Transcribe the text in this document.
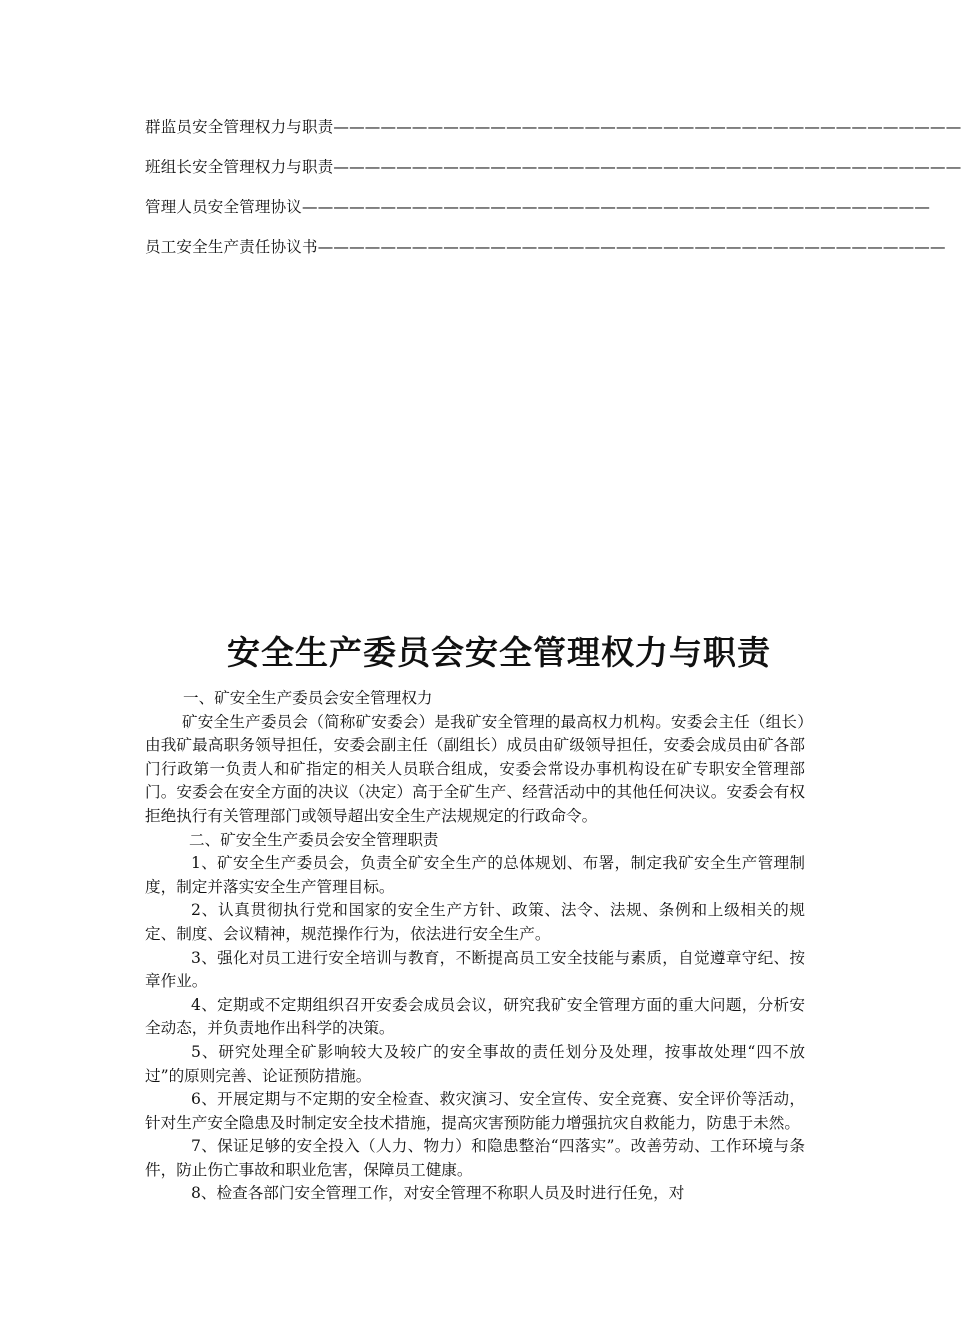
群监员安全管理权力与职责————————————————————————————————————————
班组长安全管理权力与职责————————————————————————————————————————
管理人员安全管理协议————————————————————————————————————————
员工安全生产责任协议书————————————————————————————————————————
安全生产委员会安全管理权力与职责

一、矿安全生产委员会安全管理权力

矿安全生产委员会（简称矿安委会）是我矿安全管理的最高权力机构。安委会主任（组长）由我矿最高职务领导担任，安委会副主任（副组长）成员由矿级领导担任，安委会成员由矿各部门行政第一负责人和矿指定的相关人员联合组成，安委会常设办事机构设在矿专职安全管理部门。安委会在安全方面的决议（决定）高于全矿生产、经营活动中的其他任何决议。安委会有权拒绝执行有关管理部门或领导超出安全生产法规规定的行政命令。

二、矿安全生产委员会安全管理职责

1、矿安全生产委员会，负责全矿安全生产的总体规划、布署，制定我矿安全生产管理制度，制定并落实安全生产管理目标。

2、认真贯彻执行党和国家的安全生产方针、政策、法令、法规、条例和上级相关的规定、制度、会议精神，规范操作行为，依法进行安全生产。

3、强化对员工进行安全培训与教育，不断提高员工安全技能与素质，自觉遵章守纪、按章作业。

4、定期或不定期组织召开安委会成员会议，研究我矿安全管理方面的重大问题，分析安全动态，并负责地作出科学的决策。

5、研究处理全矿影响较大及较广的安全事故的责任划分及处理，按事故处理“四不放过”的原则完善、论证预防措施。

6、开展定期与不定期的安全检查、救灾演习、安全宣传、安全竞赛、安全评价等活动，针对生产安全隐患及时制定安全技术措施，提高灾害预防能力增强抗灾自救能力，防患于未然。

7、保证足够的安全投入（人力、物力）和隐患整治“四落实”。改善劳动、工作环境与条件，防止伤亡事故和职业危害，保障员工健康。

8、检查各部门安全管理工作，对安全管理不称职人员及时进行任免，对
